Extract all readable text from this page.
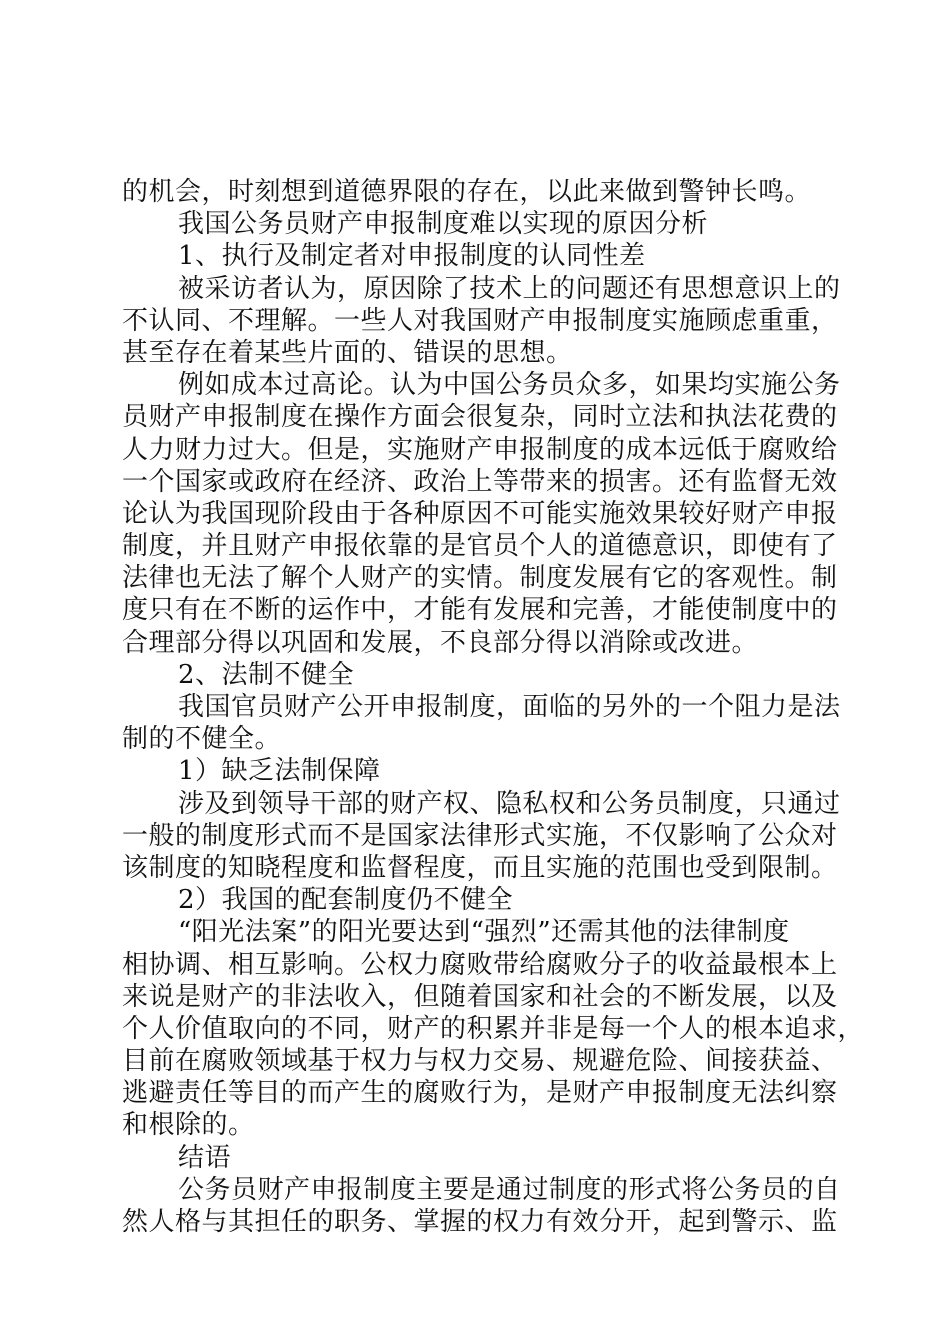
的机会，时刻想到道德界限的存在，以此来做到警钟长鸣。
我国公务员财产申报制度难以实现的原因分析
1、执行及制定者对申报制度的认同性差
被采访者认为，原因除了技术上的问题还有思想意识上的
不认同、不理解。一些人对我国财产申报制度实施顾虑重重，
甚至存在着某些片面的、错误的思想。
例如成本过高论。认为中国公务员众多，如果均实施公务
员财产申报制度在操作方面会很复杂，同时立法和执法花费的
人力财力过大。但是，实施财产申报制度的成本远低于腐败给
一个国家或政府在经济、政治上等带来的损害。还有监督无效
论认为我国现阶段由于各种原因不可能实施效果较好财产申报
制度，并且财产申报依靠的是官员个人的道德意识，即使有了
法律也无法了解个人财产的实情。制度发展有它的客观性。制
度只有在不断的运作中，才能有发展和完善，才能使制度中的
合理部分得以巩固和发展，不良部分得以消除或改进。
2、法制不健全
我国官员财产公开申报制度，面临的另外的一个阻力是法
制的不健全。
1）缺乏法制保障
涉及到领导干部的财产权、隐私权和公务员制度，只通过
一般的制度形式而不是国家法律形式实施，不仅影响了公众对
该制度的知晓程度和监督程度，而且实施的范围也受到限制。
2）我国的配套制度仍不健全
“阳光法案”的阳光要达到“强烈”还需其他的法律制度
相协调、相互影响。公权力腐败带给腐败分子的收益最根本上
来说是财产的非法收入，但随着国家和社会的不断发展，以及
个人价值取向的不同，财产的积累并非是每一个人的根本追求，
目前在腐败领域基于权力与权力交易、规避危险、间接获益、
逃避责任等目的而产生的腐败行为，是财产申报制度无法纠察
和根除的。
结语
公务员财产申报制度主要是通过制度的形式将公务员的自
然人格与其担任的职务、掌握的权力有效分开，起到警示、监
